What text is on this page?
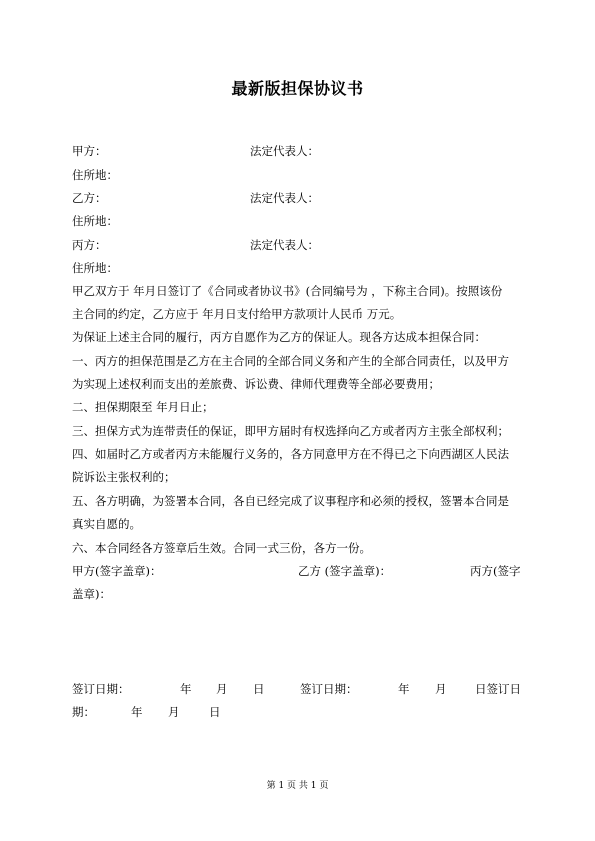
最新版担保协议书
甲方：	法定代表人：
住所地：
乙方：	法定代表人：
住所地：
丙方：	法定代表人：
住所地：
甲乙双方于 年月日签订了《合同或者协议书》(合同编号为 ，下称主合同)。按照该份
主合同的约定，乙方应于 年月日支付给甲方款项计人民币 万元。
为保证上述主合同的履行，丙方自愿作为乙方的保证人。现各方达成本担保合同：
一、丙方的担保范围是乙方在主合同的全部合同义务和产生的全部合同责任，以及甲方
为实现上述权利而支出的差旅费、诉讼费、律师代理费等全部必要费用；
二、担保期限至 年月日止；
三、担保方式为连带责任的保证，即甲方届时有权选择向乙方或者丙方主张全部权利；
四、如届时乙方或者丙方未能履行义务的，各方同意甲方在不得已之下向西湖区人民法
院诉讼主张权利的；
五、各方明确，为签署本合同，各自已经完成了议事程序和必须的授权，签署本合同是
真实自愿的。
六、本合同经各方签章后生效。合同一式三份，各方一份。
甲方(签字盖章)：	乙方 (签字盖章)：	丙方(签字
盖章)：
签订日期：	年 月 日	签订日期：	年 月 日签订日
期：	年 月	日
第 1 页 共 1 页
